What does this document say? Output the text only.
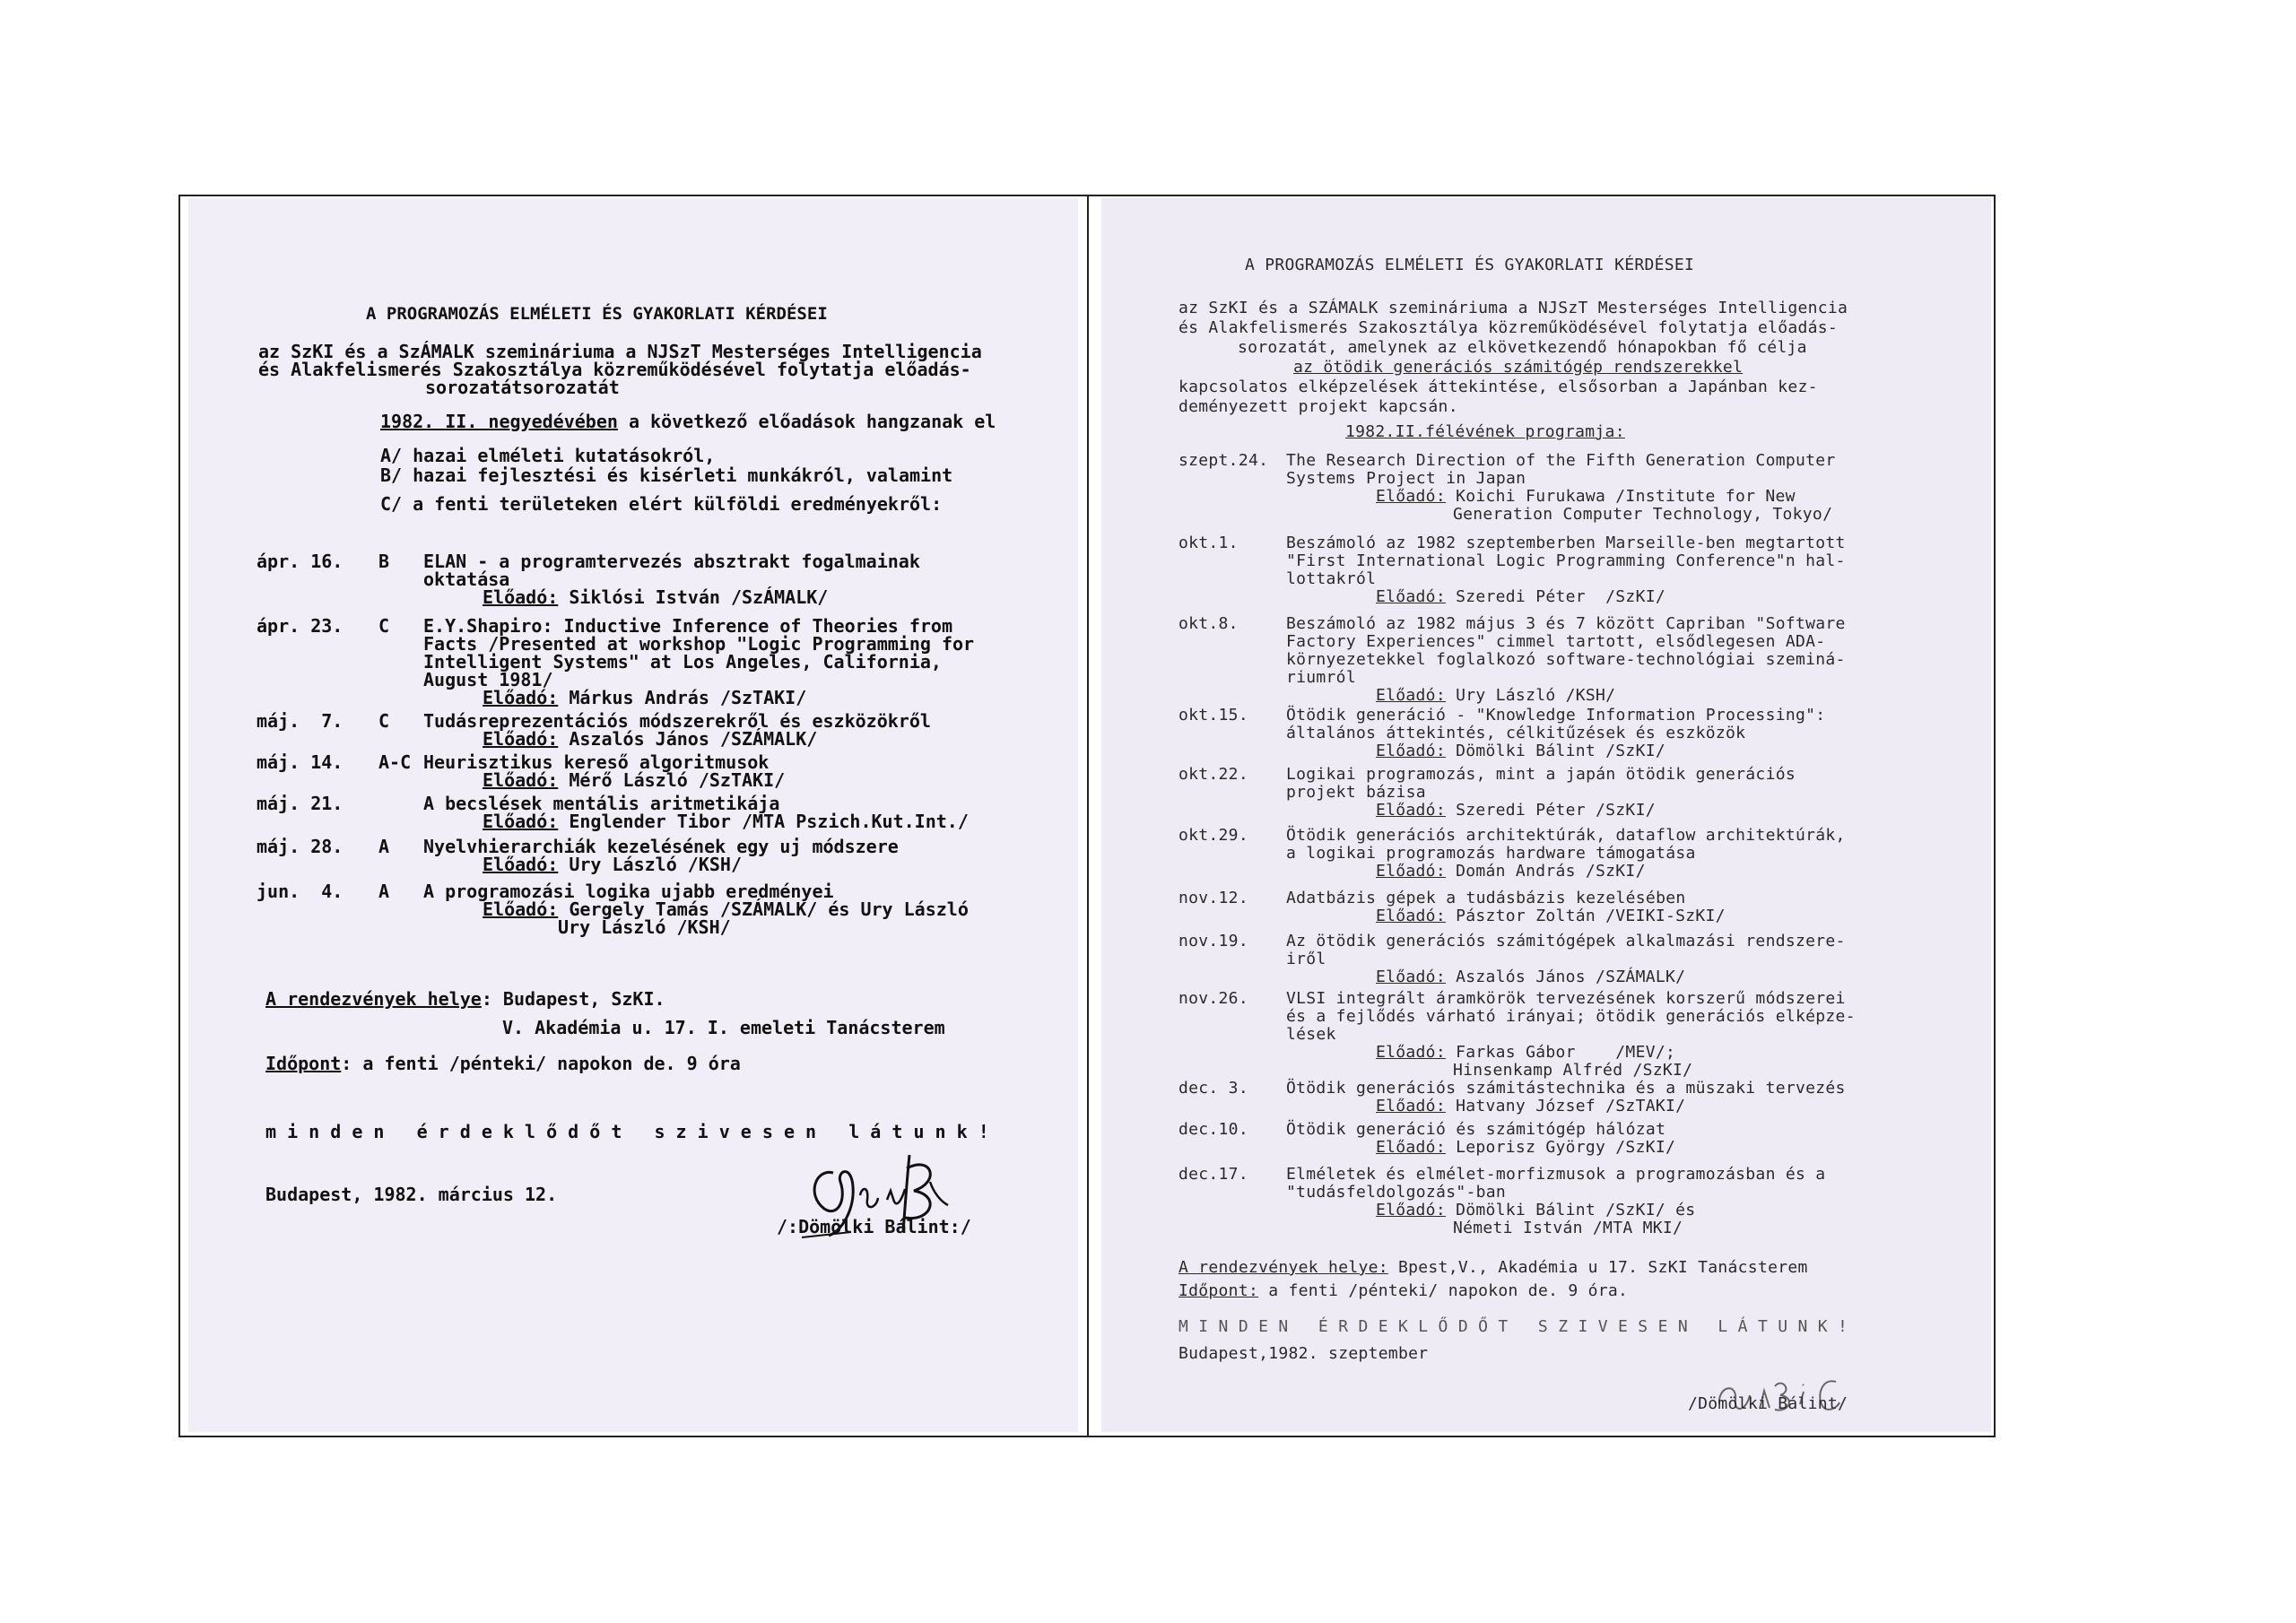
A PROGRAMOZÁS ELMÉLETI ÉS GYAKORLATI KÉRDÉSEI
az SzKI és a SzÁMALK szemináriuma a NJSzT Mesterséges Intelligencia
és Alakfelismerés Szakosztálya közreműködésével folytatja előadás-
sorozatátsorozatát
1982. II. negyedévében a következő előadások hangzanak el
A/ hazai elméleti kutatásokról,
B/ hazai fejlesztési és kisérleti munkákról, valamint
C/ a fenti területeken elért külföldi eredményekről:
ápr. 16. B ELAN - a programtervezés absztrakt fogalmainak
oktatása
Előadó: Siklósi István /SzÁMALK/
ápr. 23. C E.Y.Shapiro: Inductive Inference of Theories from
Facts /Presented at workshop "Logic Programming for
Intelligent Systems" at Los Angeles, California,
August 1981/
Előadó: Márkus András /SzTAKI/
máj.  7. C Tudásreprezentációs módszerekről és eszközökről
Előadó: Aszalós János /SZÁMALK/
máj. 14. A-C Heurisztikus kereső algoritmusok
Előadó: Mérő László /SzTAKI/
máj. 21.	A becslések mentális aritmetikája
Előadó: Englender Tibor /MTA Pszich.Kut.Int./
máj. 28. A Nyelvhierarchiák kezelésének egy uj módszere
Előadó: Ury László /KSH/
jun.  4. A A programozási logika ujabb eredményei
Előadó: Gergely Tamás /SZÁMALK/ és Ury László
Ury László /KSH/
A rendezvények helye: Budapest, SzKI.
V. Akadémia u. 17. I. emeleti Tanácsterem
Időpont: a fenti /pénteki/ napokon de. 9 óra
m i n d e n   é r d e k l ő d ő t   s z i v e s e n   l á t u n k !
Budapest, 1982. március 12.

/:Dömölki Bálint:/
A PROGRAMOZÁS ELMÉLETI ÉS GYAKORLATI KÉRDÉSEI
az SzKI és a SZÁMALK szemináriuma a NJSzT Mesterséges Intelligencia
és Alakfelismerés Szakosztálya közreműködésével folytatja előadás-
sorozatát, amelynek az elkövetkezendő hónapokban fő célja
az ötödik generációs számitógép rendszerekkel
kapcsolatos elképzelések áttekintése, elsősorban a Japánban kez-
deményezett projekt kapcsán.
1982.II.félévének programja:
szept.24. The Research Direction of the Fifth Generation Computer
Systems Project in Japan
Előadó: Koichi Furukawa /Institute for New
Generation Computer Technology, Tokyo/
okt.1.	Beszámoló az 1982 szeptemberben Marseille-ben megtartott
"First International Logic Programming Conference"n hal-
lottakról
Előadó: Szeredi Péter  /SzKI/
okt.8.	Beszámoló az 1982 május 3 és 7 között Capriban "Software
Factory Experiences" cimmel tartott, elsődlegesen ADA-
környezetekkel foglalkozó software-technológiai szeminá-
riumról
Előadó: Ury László /KSH/
okt.15. Ötödik generáció - "Knowledge Information Processing":
általános áttekintés, célkitűzések és eszközök
Előadó: Dömölki Bálint /SzKI/
okt.22. Logikai programozás, mint a japán ötödik generációs
projekt bázisa
Előadó: Szeredi Péter /SzKI/
okt.29. Ötödik generációs architektúrák, dataflow architektúrák,
a logikai programozás hardware támogatása
Előadó: Domán András /SzKI/
nov.12. Adatbázis gépek a tudásbázis kezelésében
Előadó: Pásztor Zoltán /VEIKI-SzKI/
nov.19. Az ötödik generációs számitógépek alkalmazási rendszere-
iről
Előadó: Aszalós János /SZÁMALK/
nov.26. VLSI integrált áramkörök tervezésének korszerű módszerei
és a fejlődés várható irányai; ötödik generációs elképze-
lések
Előadó: Farkas Gábor    /MEV/;
Hinsenkamp Alfréd /SzKI/
dec. 3. Ötödik generációs számitástechnika és a müszaki tervezés
Előadó: Hatvany József /SzTAKI/
dec.10. Ötödik generáció és számitógép hálózat
Előadó: Leporisz György /SzKI/
dec.17. Elméletek és elmélet-morfizmusok a programozásban és a
"tudásfeldolgozás"-ban
Előadó: Dömölki Bálint /SzKI/ és
Németi István /MTA MKI/
A rendezvények helye: Bpest,V., Akadémia u 17. SzKI Tanácsterem
Időpont: a fenti /pénteki/ napokon de. 9 óra.
M I N D E N   É R D E K L Ő D Ő T   S Z I V E S E N   L Á T U N K !
Budapest,1982. szeptember

/Dömölki Bálint/
